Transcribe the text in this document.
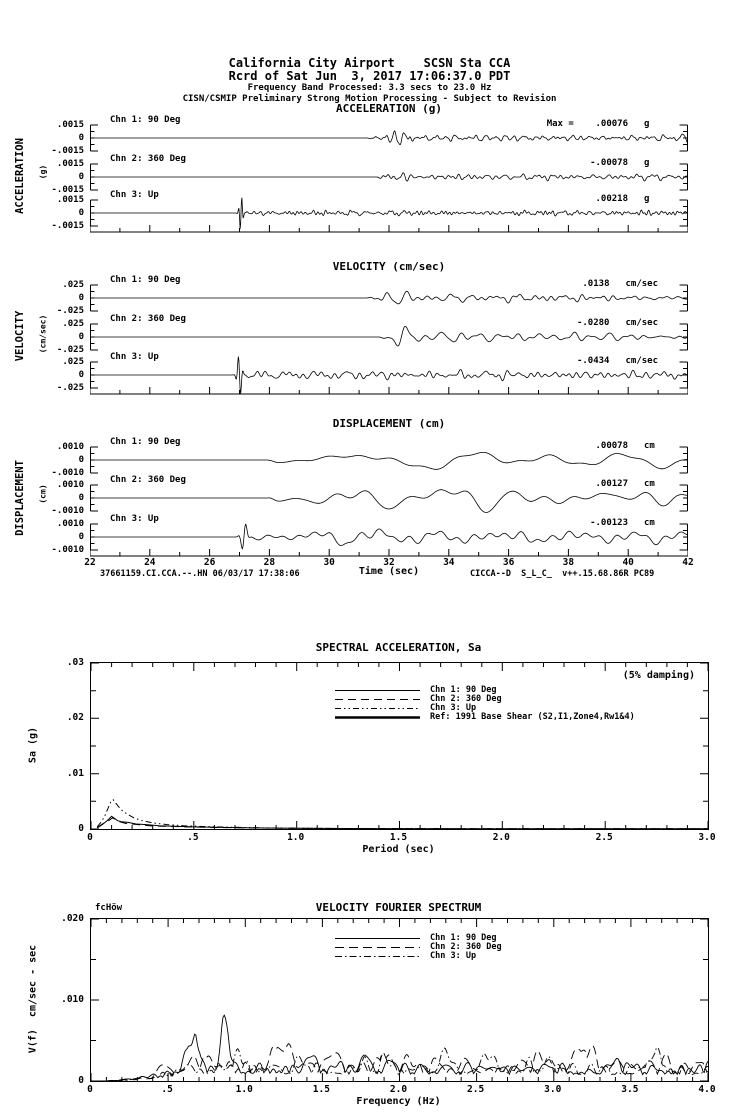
California City Airport    SCSN Sta CCA
Rcrd of Sat Jun  3, 2017 17:06:37.0 PDT
Frequency Band Processed: 3.3 secs to 23.0 Hz
CISN/CSMIP Preliminary Strong Motion Processing - Subject to Revision
ACCELERATION (g)
VELOCITY (cm/sec)
DISPLACEMENT (cm)
ACCELERATION (g)
VELOCITY (cm/sec)
DISPLACEMENT (cm)
.0015
0
-.0015
Chn 1: 90 Deg	Max =    .00076 g
.0015
0
-.0015
Chn 2: 360 Deg	-.00078 g
.0015
0
-.0015
Chn 3: Up	.00218 g
.025
0
-.025
Chn 1: 90 Deg	.0138 cm/sec
.025
0
-.025
Chn 2: 360 Deg	-.0280 cm/sec
.025
0
-.025
Chn 3: Up	-.0434 cm/sec
.0010
0
-.0010
Chn 1: 90 Deg	.00078 cm
.0010
0
-.0010
Chn 2: 360 Deg	.00127 cm
.0010
0
-.0010
Chn 3: Up	-.00123 cm
22	24	26	28	30	32	34	36	38	40	42
Time (sec)
37661159.CI.CCA.--.HN 06/03/17 17:38:06	CICCA--D  S_L_C_  v++.15.68.86R PC89
SPECTRAL ACCELERATION, Sa
(5% damping)
Chn 1: 90 Deg
Chn 2: 360 Deg
Chn 3: Up
Ref: 1991 Base Shear (S2,I1,Zone4,Rw1&4)
.03
.02
.01
0
0	.5	1.0	1.5	2.0	2.5	3.0
Period (sec)
Sa (g)
VELOCITY FOURIER SPECTRUM
fcHöw
Chn 1: 90 Deg
Chn 2: 360 Deg
Chn 3: Up
.020
.010
0
0	.5	1.0	1.5	2.0	2.5	3.0	3.5	4.0
Frequency (Hz)
V(f)  cm/sec - sec
